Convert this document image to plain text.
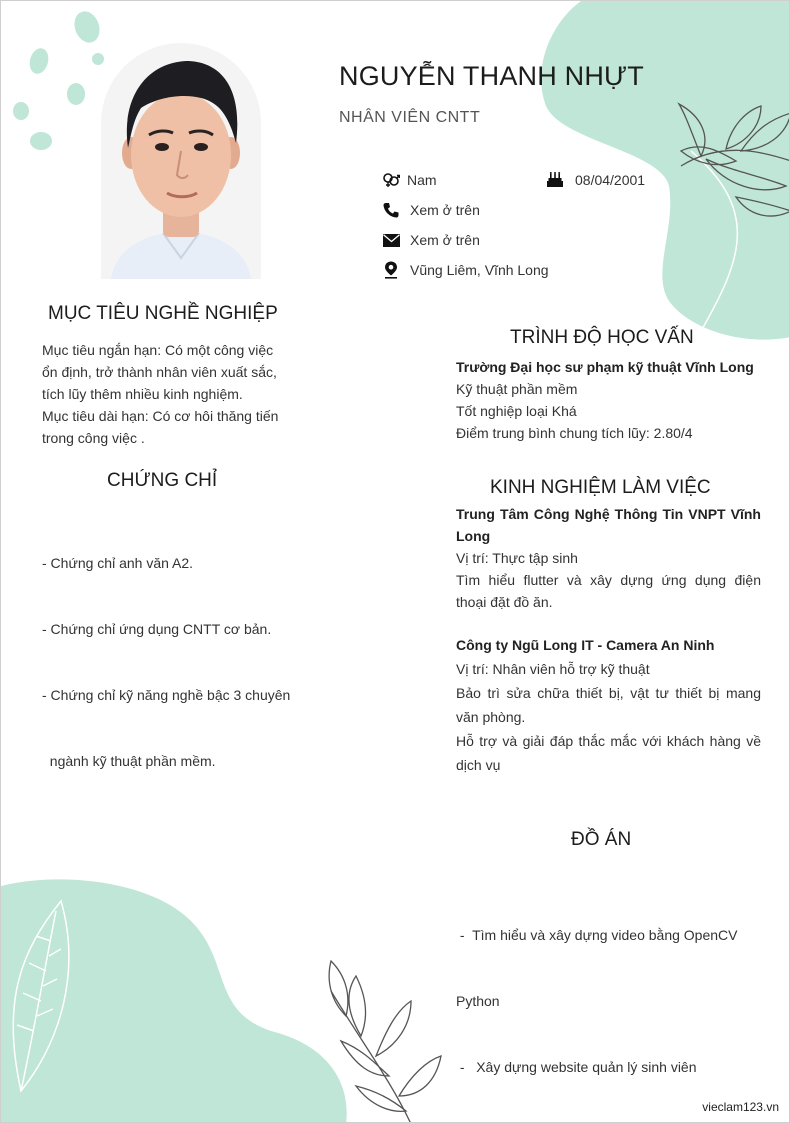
NGUYỄN THANH NHỰT
NHÂN VIÊN CNTT
Nam	08/04/2001
Xem ở trên
Xem ở trên
Vũng Liêm, Vĩnh Long
MỤC TIÊU NGHỀ NGHIỆP
Mục tiêu ngắn hạn: Có một công việc
ổn định, trở thành nhân viên xuất sắc,
tích lũy thêm nhiều kinh nghiệm.
Mục tiêu dài hạn: Có cơ hôi thăng tiến
trong công việc .
CHỨNG CHỈ

- Chứng chỉ anh văn A2.

- Chứng chỉ ứng dụng CNTT cơ bản.

- Chứng chỉ kỹ năng nghề bậc 3 chuyên

ngành kỹ thuật phần mềm.

TRÌNH ĐỘ HỌC VẤN
Trường Đại học sư phạm kỹ thuật Vĩnh Long
Kỹ thuật phần mềm
Tốt nghiệp loại Khá
Điểm trung bình chung tích lũy: 2.80/4
KINH NGHIỆM LÀM VIỆC
Trung Tâm Công Nghệ Thông Tin VNPT Vĩnh
Long
Vị trí: Thực tập sinh
Tìm hiểu flutter và xây dựng ứng dụng điện
thoại đặt đồ ăn.
Công ty Ngũ Long IT - Camera An Ninh
Vị trí: Nhân viên hỗ trợ kỹ thuật
Bảo trì sửa chữa thiết bị, vật tư thiết bị mang
văn phòng.
Hỗ trợ và giải đáp thắc mắc với khách hàng về
dịch vụ
ĐỒ ÁN

-  Tìm hiểu và xây dựng video bằng OpenCV

Python

-   Xây dựng website quản lý sinh viên

vieclam123.vn
